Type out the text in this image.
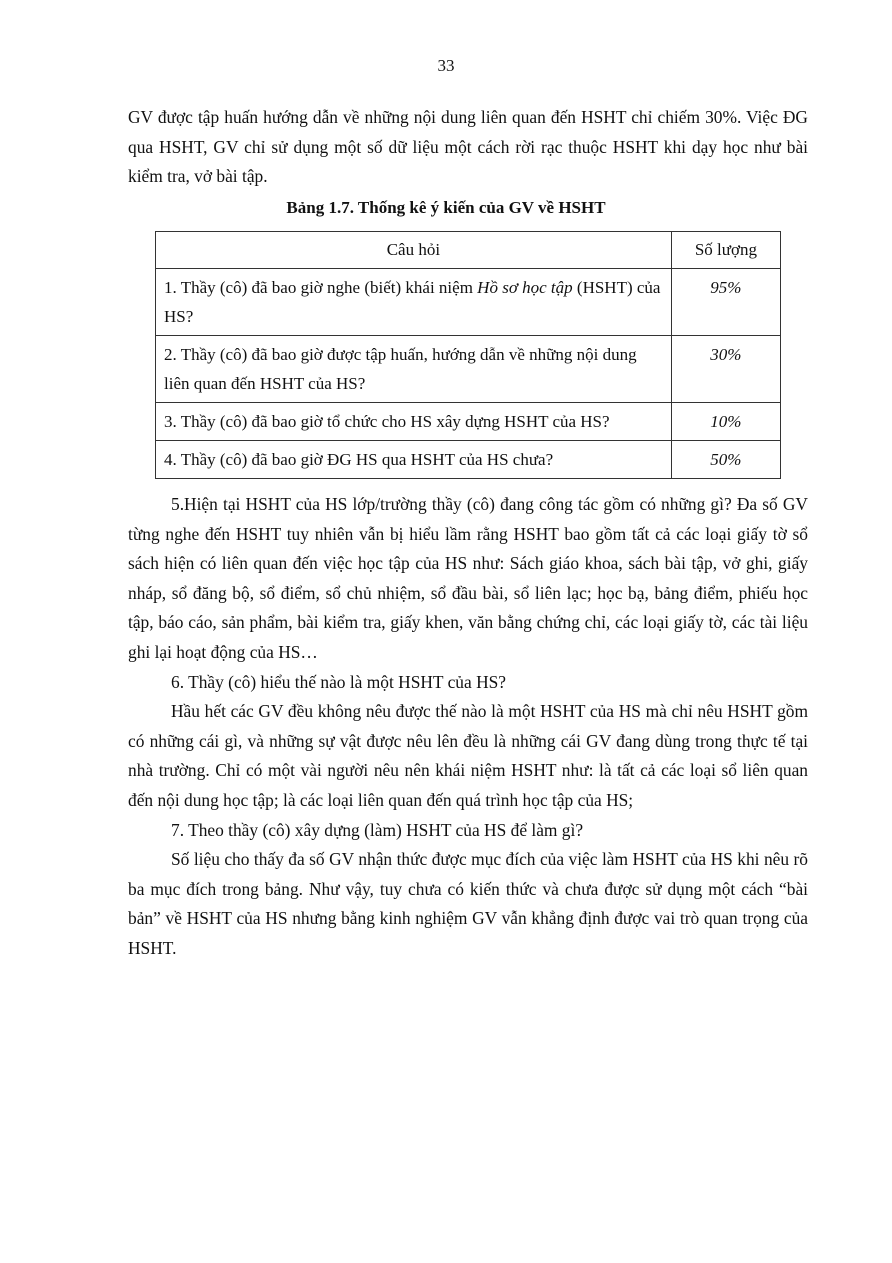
33

GV được tập huấn hướng dẫn về những nội dung liên quan đến HSHT chỉ chiếm 30%. Việc ĐG qua HSHT, GV chỉ sử dụng một số dữ liệu một cách rời rạc thuộc HSHT khi dạy học như bài kiểm tra, vở bài tập.

Bảng 1.7. Thống kê ý kiến của GV về HSHT
Câu hỏi	Số lượng
1. Thầy (cô) đã bao giờ nghe (biết) khái niệm Hồ sơ học tập (HSHT) của HS?	95%
2. Thầy (cô) đã bao giờ được tập huấn, hướng dẫn về những nội dung liên quan đến HSHT của HS?	30%
3. Thầy (cô) đã bao giờ tổ chức cho HS xây dựng HSHT của HS?	10%
4. Thầy (cô) đã bao giờ ĐG HS qua HSHT của HS chưa?	50%

5.Hiện tại HSHT của HS lớp/trường thầy (cô) đang công tác gồm có những gì? Đa số GV từng nghe đến HSHT tuy nhiên vẫn bị hiểu lầm rằng HSHT bao gồm tất cả các loại giấy tờ sổ sách hiện có liên quan đến việc học tập của HS như: Sách giáo khoa, sách bài tập, vở ghi, giấy nháp, sổ đăng bộ, sổ điểm, sổ chủ nhiệm, sổ đầu bài, sổ liên lạc; học bạ, bảng điểm, phiếu học tập, báo cáo, sản phẩm, bài kiểm tra, giấy khen, văn bằng chứng chỉ, các loại giấy tờ, các tài liệu ghi lại hoạt động của HS…

6. Thầy (cô) hiểu thế nào là một HSHT của HS?

Hầu hết các GV đều không nêu được thế nào là một HSHT của HS mà chỉ nêu HSHT gồm có những cái gì, và những sự vật được nêu lên đều là những cái GV đang dùng trong thực tế tại nhà trường. Chỉ có một vài người nêu nên khái niệm HSHT như: là tất cả các loại sổ liên quan đến nội dung học tập; là các loại liên quan đến quá trình học tập của HS;

7. Theo thầy (cô) xây dựng (làm) HSHT của HS để làm gì?

Số liệu cho thấy đa số GV nhận thức được mục đích của việc làm HSHT của HS khi nêu rõ ba mục đích trong bảng. Như vậy, tuy chưa có kiến thức và chưa được sử dụng một cách “bài bản” về HSHT của HS nhưng bằng kinh nghiệm GV vẫn khẳng định được vai trò quan trọng của HSHT.
